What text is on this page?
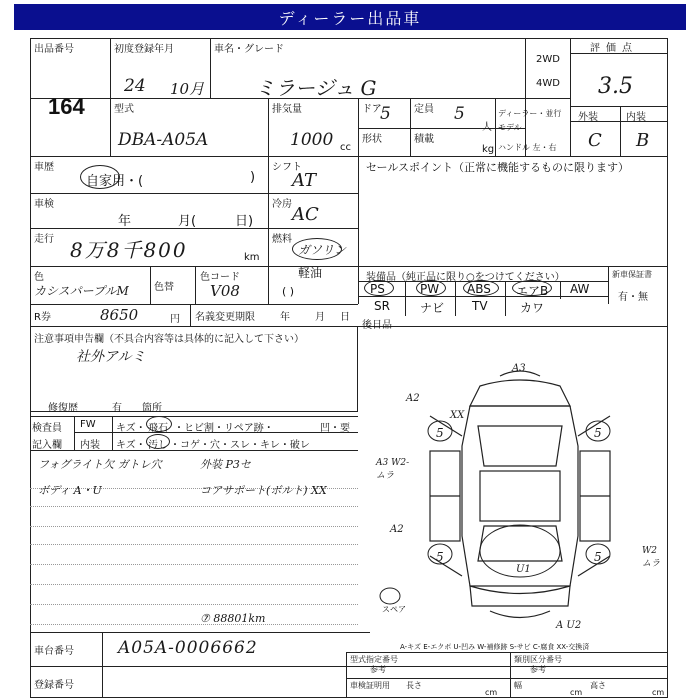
ディーラー出品車
出品番号
164
初度登録年月
24 10月
車名・グレード
ミラージュ G
2WD
4WD
評価点
3.5
外装	内装
C B
型式
DBA-A05A
排気量
1000 cc
ドア
5
形状
定員 5
人
積載
kg
ディーラー・並行
モデル
ハンドル 左・右
車歴
自家用・(	)
シフト
AT
車検
年	月(	日)
冷房 AC
走行 8万8千800	km
燃料
ガソリン
軽油
( )
色
カシスパープルM	色替
色コード
V08
セールスポイント（正常に機能するものに限ります）
装備品（純正品に限り○をつけてください）	新車保証書
有・無
PS	PW ABS エアB AW
SR	ナビ TV	カワ
R券	8650	円 名義変更期限	年	月 日
後日品
注意事項申告欄（不具合内容等は具体的に記入して下さい）
社外アルミ
修復歴	有 箇所
検査員
記入欄
FW キズ・ 飛石 ・ヒビ割・リペア跡・	凹・要
内装 キズ・ 汚し ・コゲ・穴・スレ・キレ・破レ
フォグライト欠 ガトレ穴
ボディ A・U
外装 P3セ
コアサポート(ボルト) XX
⑦ 88801km
A3
A2
XX
5	5
A3 W2-ムラ
A2
5	5	W2 ムラ
U1
A U2
スペア
A-キズ E-エクボ U-凹み W-補修跡 S-サビ C-腐食 XX-交換済
車台番号	A05A-0006662
登録番号
型式指定番号
参考
類別区分番号
参考
車検証明用 長さ
cm
幅
cm
高さ
cm
